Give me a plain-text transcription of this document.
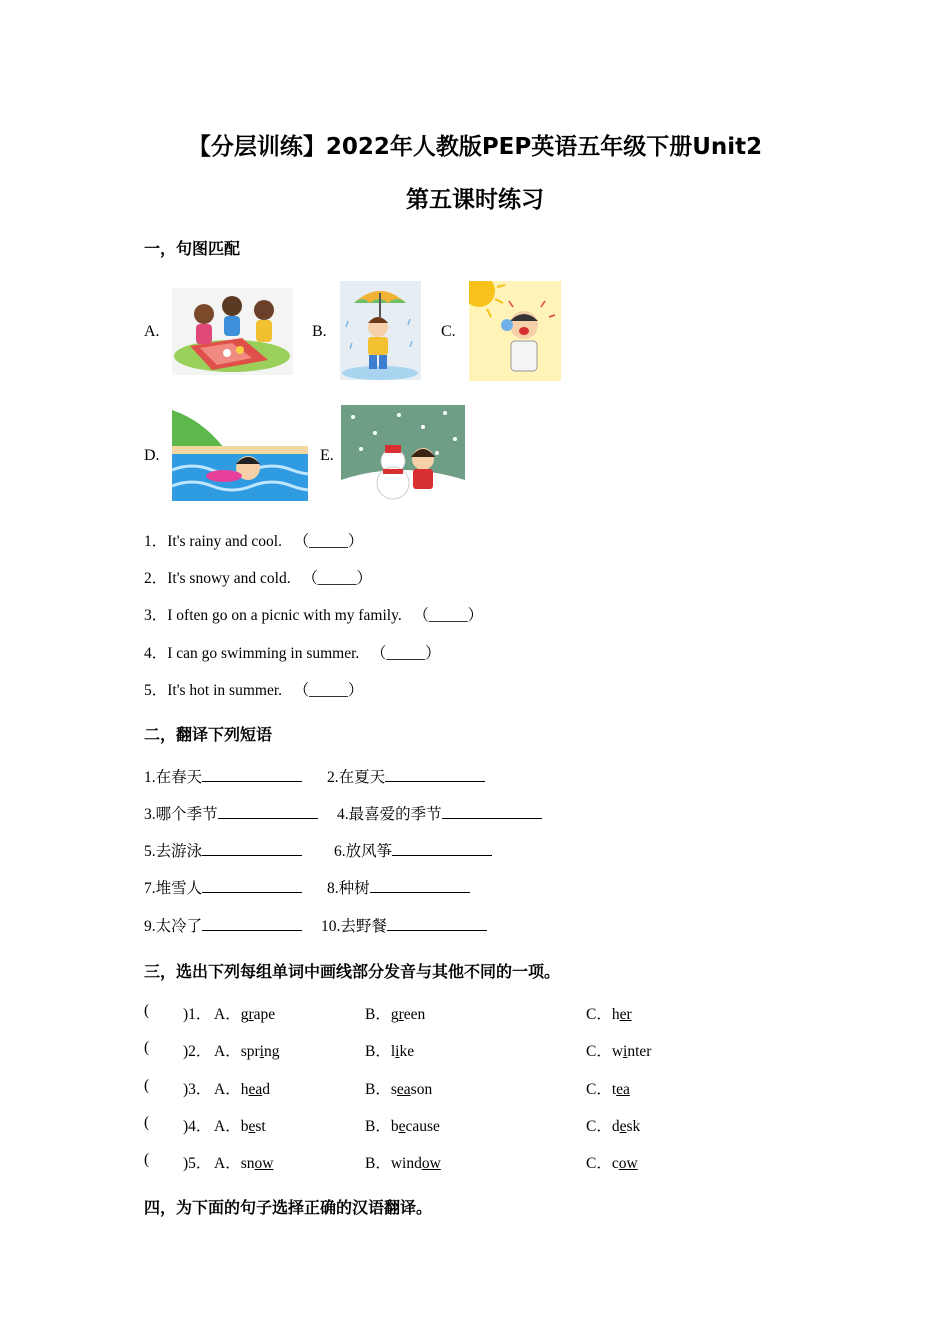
【分层训练】2022年人教版PEP英语五年级下册Unit2
第五课时练习
一，句图匹配
A.	B.	C.
D.	E.
1．It's rainy and cool. （_____）
2．It's snowy and cold. （_____）
3．I often go on a picnic with my family. （_____）
4．I can go swimming in summer. （_____）
5．It's hot in summer. （_____）
二，翻译下列短语
1.在春天	2.在夏天
3.哪个季节	4.最喜爱的季节
5.去游泳	6.放风筝
7.堆雪人	8.种树
9.太冷了	10.去野餐
三，选出下列每组单词中画线部分发音与其他不同的一项。
( )1． A．grape	B．green	C．her
( )2． A．spring	B．like	C．winter
( )3． A．head	B．season	C．tea
( )4． A．best	B．because	C．desk
( )5． A．snow	B．window	C．cow
四，为下面的句子选择正确的汉语翻译。
